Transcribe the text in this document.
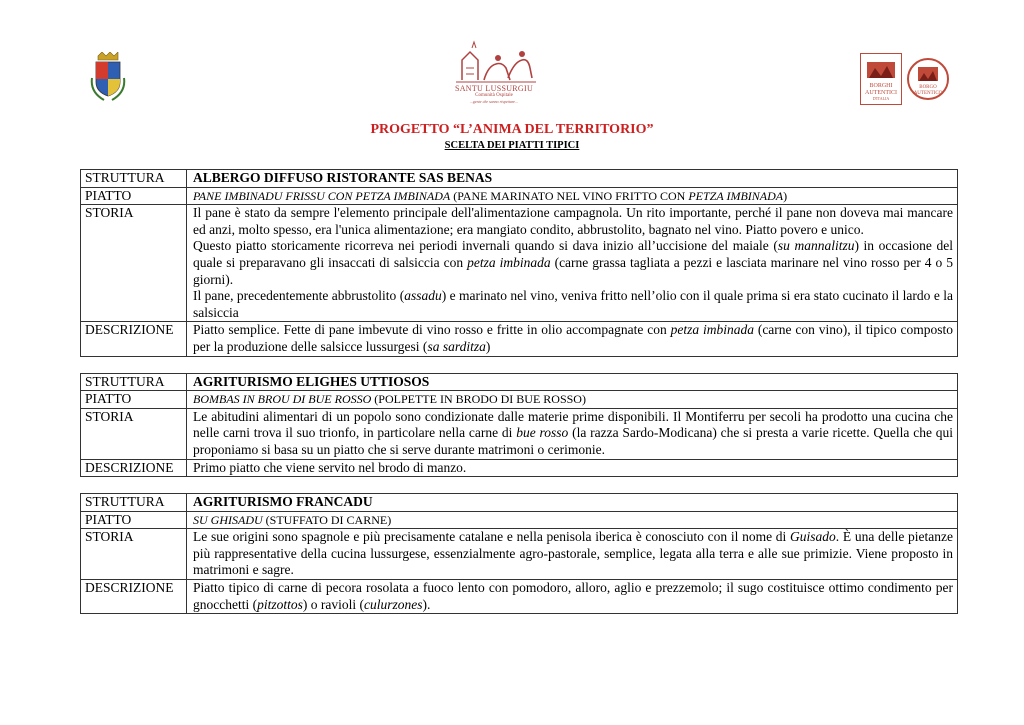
SANTU LUSSURGIU
Comunità Ospitale
...gente che sanno rispettare...
BORGHI
AUTENTICI
D'ITALIA
BORGO
AUTENTICO
PROGETTO “L’ANIMA DEL TERRITORIO”
SCELTA DEI PIATTI TIPICI
STRUTTURA	ALBERGO DIFFUSO RISTORANTE SAS BENAS
PIATTO	PANE IMBINADU FRISSU CON PETZA IMBINADA (PANE MARINATO NEL VINO FRITTO CON PETZA IMBINADA)
STORIA	Il pane è stato da sempre l'elemento principale dell'alimentazione campagnola. Un rito importante, perché il pane non doveva mai mancare ed anzi, molto spesso, era l'unica alimentazione; era mangiato condito, abbrustolito, bagnato nel vino. Piatto povero e unico.
Questo piatto storicamente ricorreva nei periodi invernali quando si dava inizio all’uccisione del maiale (su mannalitzu) in occasione del quale si preparavano gli insaccati di salsiccia con petza imbinada (carne grassa tagliata a pezzi e lasciata marinare nel vino rosso per 4 o 5 giorni).
Il pane, precedentemente abbrustolito (assadu) e marinato nel vino, veniva fritto nell’olio con il quale prima si era stato cucinato il lardo e la salsiccia

DESCRIZIONE	Piatto semplice. Fette di pane imbevute di vino rosso e fritte in olio accompagnate con petza imbinada (carne con vino), il tipico composto per la produzione delle salsicce lussurgesi (sa sarditza)
STRUTTURA	AGRITURISMO ELIGHES UTTIOSOS
PIATTO	BOMBAS IN BROU DI BUE ROSSO (POLPETTE IN BRODO DI BUE ROSSO)
STORIA	Le abitudini alimentari di un popolo sono condizionate dalle materie prime disponibili. Il Montiferru per secoli ha prodotto una cucina che nelle carni trova il suo trionfo, in particolare nella carne di bue rosso (la razza Sardo-Modicana) che si presta a varie ricette. Quella che qui proponiamo si basa su un piatto che si serve durante matrimoni o cerimonie.
DESCRIZIONE	Primo piatto che viene servito nel brodo di manzo.
STRUTTURA	AGRITURISMO FRANCADU
PIATTO	SU GHISADU (STUFFATO DI CARNE)
STORIA	Le sue origini sono spagnole e più precisamente catalane e nella penisola iberica è conosciuto con il nome di Guisado. È una delle pietanze più rappresentative della cucina lussurgese, essenzialmente agro-pastorale, semplice, legata alla terra e alle sue primizie. Viene proposto in matrimoni e sagre.
DESCRIZIONE	Piatto tipico di carne di pecora rosolata a fuoco lento con pomodoro, alloro, aglio e prezzemolo; il sugo costituisce ottimo condimento per gnocchetti (pitzottos) o ravioli (culurzones).
